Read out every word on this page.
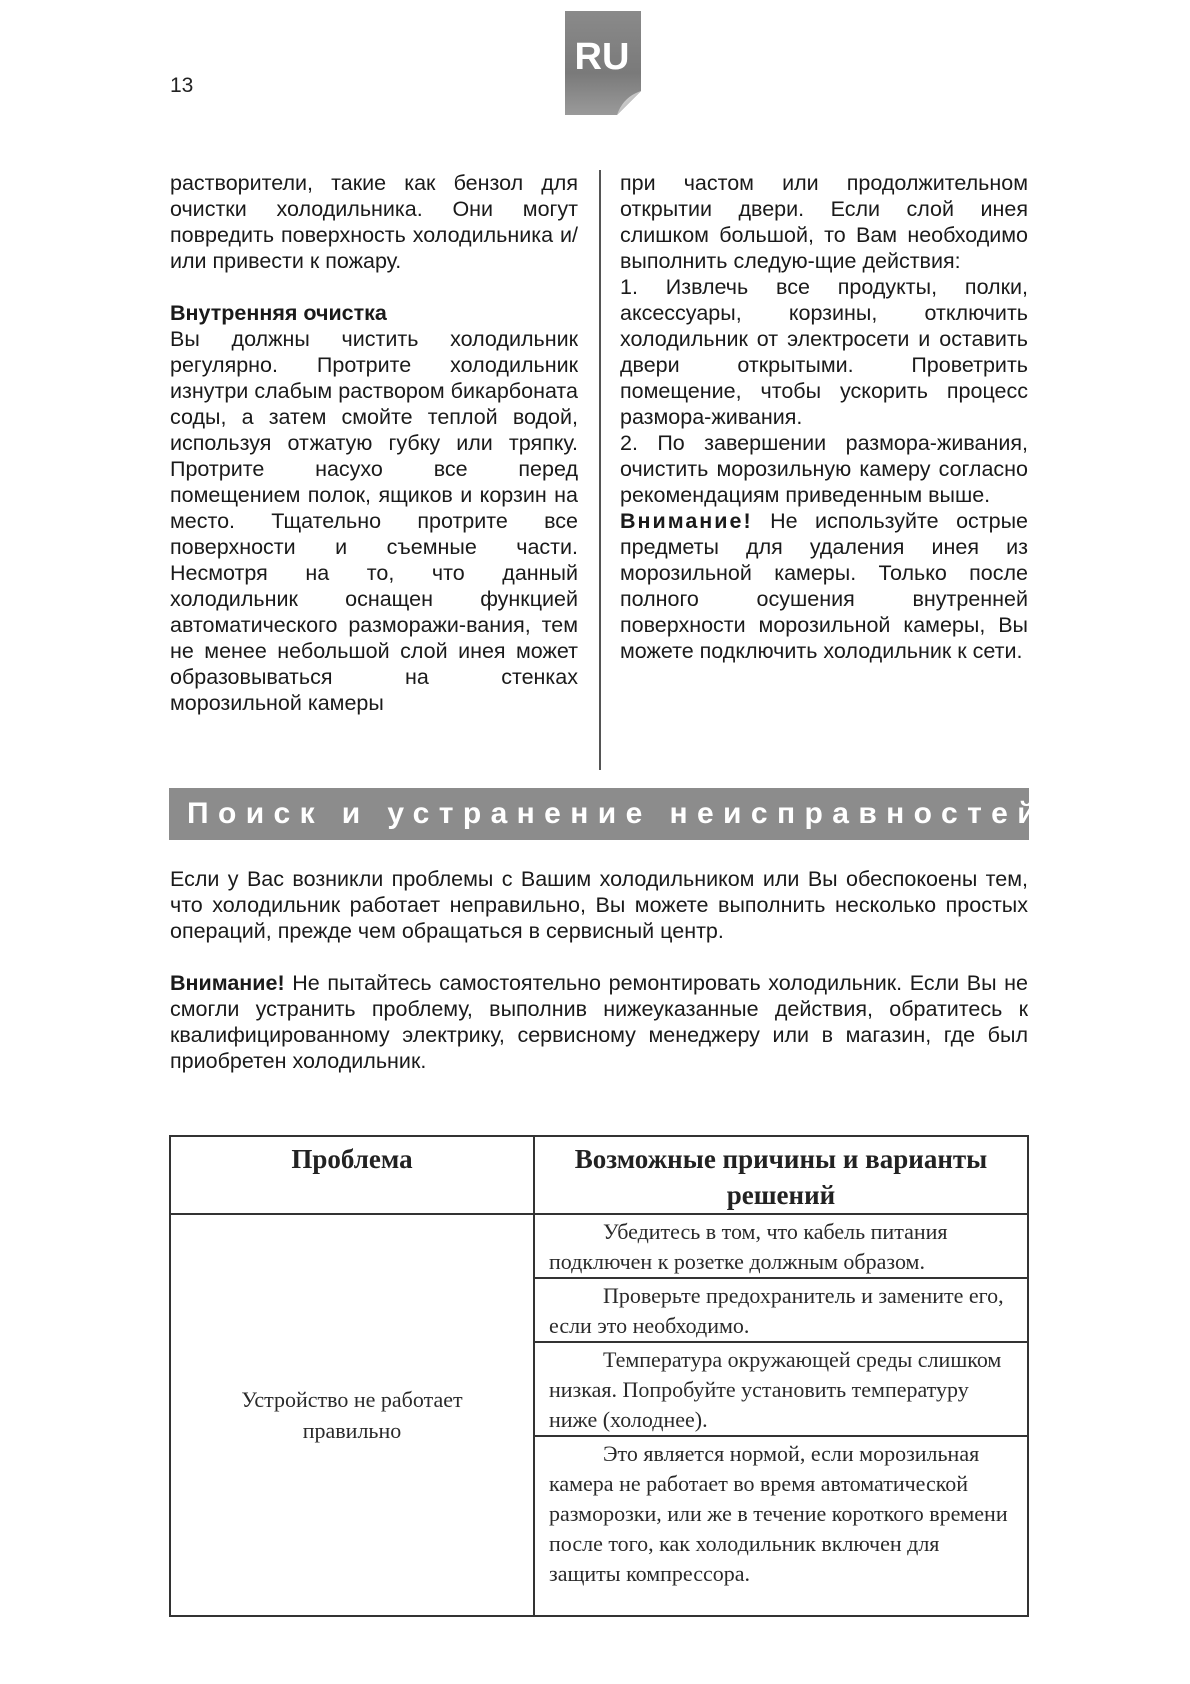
13
RU

растворители, такие как бензол для очистки холодильника. Они могут повредить поверхность холодильника и/или привести к пожару.

Внутренняя очистка

Вы должны чистить холодильник регулярно. Протрите холодильник изнутри слабым раствором бикарбоната соды, а затем смойте теплой водой, используя отжатую губку или тряпку. Протрите насухо все перед помещением полок, ящиков и корзин на место. Тщательно протрите все поверхности и съемные части. Несмотря на то, что данный холодильник оснащен функцией автоматического разморажи-вания, тем не менее небольшой слой инея может образовываться на стенках морозильной камеры

при частом или продолжительном открытии двери. Если слой инея слишком большой, то Вам необходимо выполнить следую-щие действия:

1. Извлечь все продукты, полки, аксессуары, корзины, отключить холодильник от электросети и оставить двери открытыми. Проветрить помещение, чтобы ускорить процесс размора-живания.

2. По завершении размора-живания, очистить морозильную камеру согласно рекомендациям приведенным выше.

Внимание! Не используйте острые предметы для удаления инея из морозильной камеры. Только после полного осушения внутренней поверхности морозильной камеры, Вы можете подключить холодильник к сети.

Поиск и устранение неисправностей

Если у Вас возникли проблемы с Вашим холодильником или Вы обеспокоены тем, что холодильник работает неправильно, Вы можете выполнить несколько простых операций, прежде чем обращаться в сервисный центр.

Внимание! Не пытайтесь самостоятельно ремонтировать холодильник. Если Вы не смогли устранить проблему, выполнив нижеуказанные действия, обратитесь к квалифицированному электрику, сервисному менеджеру или в магазин, где был приобретен холодильник.

Проблема	Возможные причины и варианты решений

Устройство не работает правильно	Убедитесь в том, что кабель питания подключен к розетке должным образом.

	Проверьте предохранитель и замените его, если это необходимо.

	Температура окружающей среды слишком низкая. Попробуйте установить температуру ниже (холоднее).

	Это является нормой, если морозильная камера не работает во время автоматической разморозки, или же в течение короткого времени после того, как холодильник включен для защиты компрессора.
